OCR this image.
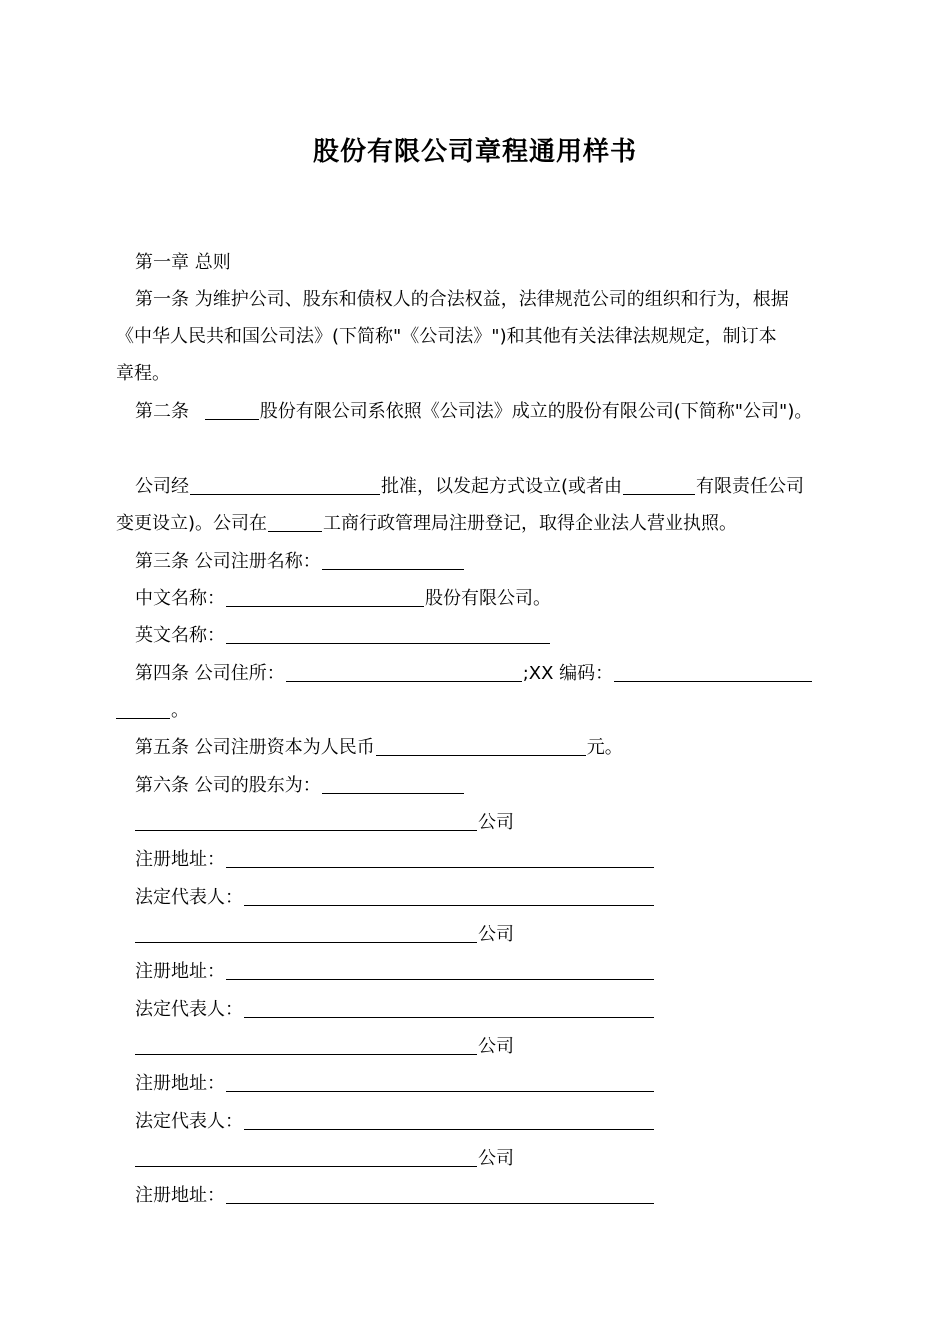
股份有限公司章程通用样书
第一章 总则
第一条 为维护公司、股东和债权人的合法权益，法律规范公司的组织和行为，根据
《中华人民共和国公司法》(下简称"《公司法》")和其他有关法律法规规定，制订本
章程。
第二条	股份有限公司系依照《公司法》成立的股份有限公司(下简称"公司")。
公司经	批准，以发起方式设立(或者由	有限责任公司
变更设立)。公司在	工商行政管理局注册登记，取得企业法人营业执照。
第三条 公司注册名称：
中文名称：	股份有限公司。
英文名称：
第四条 公司住所：	;XX 编码：
。
第五条 公司注册资本为人民币	元。
第六条 公司的股东为：
公司
注册地址：
法定代表人：
公司
注册地址：
法定代表人：
公司
注册地址：
法定代表人：
公司
注册地址：
